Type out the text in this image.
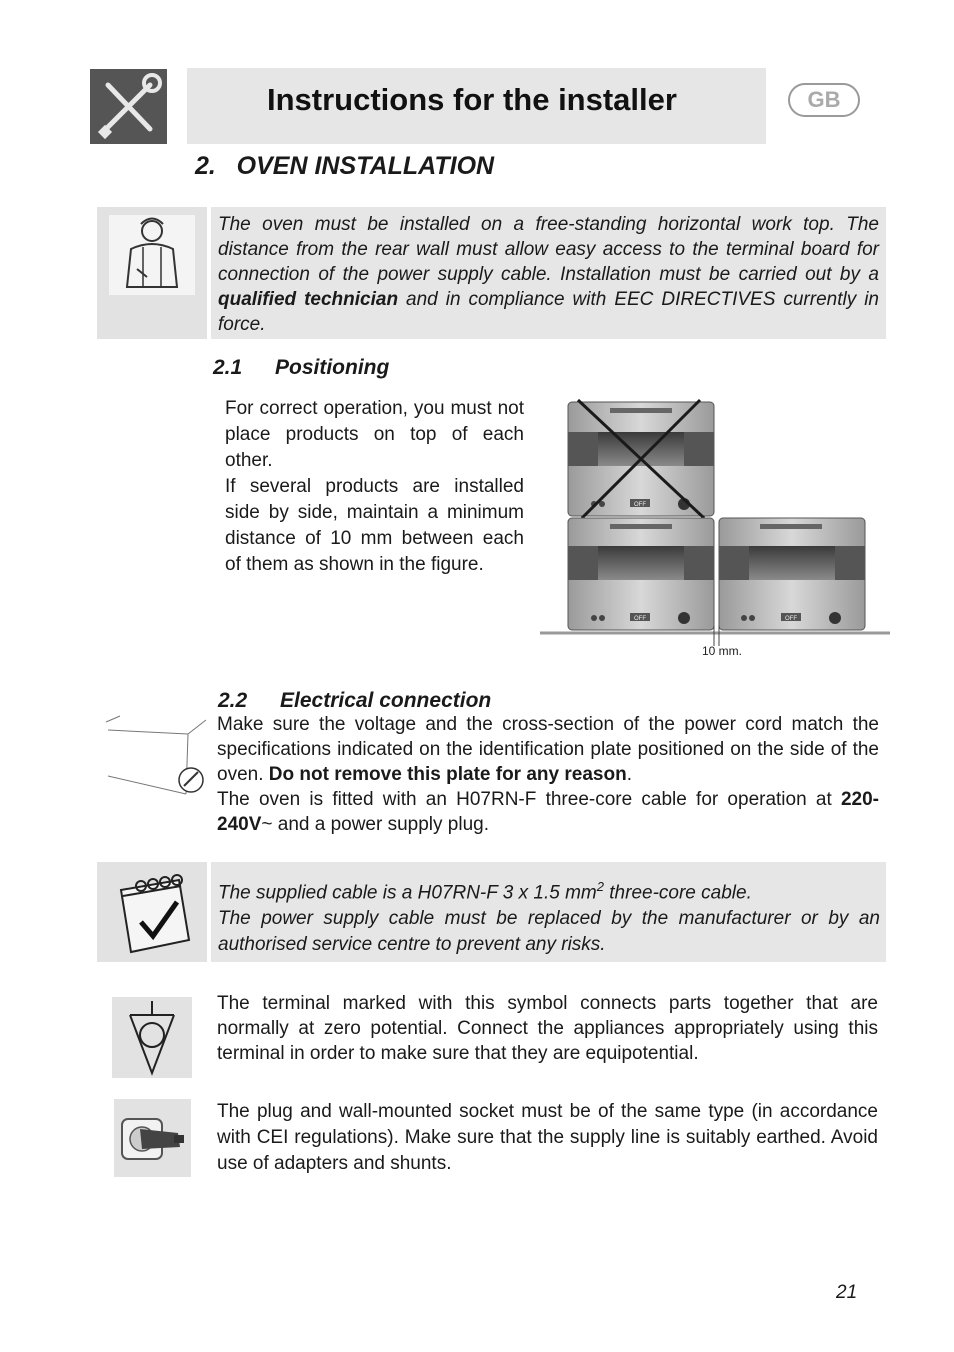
Instructions for the installer	GB
2.   OVEN INSTALLATION
The oven must be installed on a free-standing horizontal work top. The distance from the rear wall must allow easy access to the terminal board for connection of the power supply cable. Installation must be carried out by a qualified technician and in compliance with EEC DIRECTIVES currently in force.
2.1 Positioning
For correct operation, you must not place products on top of each other.
If several products are installed side by side, maintain a minimum distance of 10 mm between each of them as shown in the figure.
OFF
OFF	OFF
10 mm.
2.2 Electrical connection
Make sure the voltage and the cross-section of the power cord match the specifications indicated on the identification plate positioned on the side of the oven. Do not remove this plate for any reason.
The oven is fitted with an H07RN-F three-core cable for operation at 220-240V~ and a power supply plug.
The supplied cable is a H07RN-F 3 x 1.5 $mm^2$ three-core cable.
The power supply cable must be replaced by the manufacturer or by an authorised service centre to prevent any risks.
The terminal marked with this symbol connects parts together that are normally at zero potential. Connect the appliances appropriately using this terminal in order to make sure that they are equipotential.
The plug and wall-mounted socket must be of the same type (in accordance with CEI regulations). Make sure that the supply line is suitably earthed. Avoid use of adapters and shunts.
21
